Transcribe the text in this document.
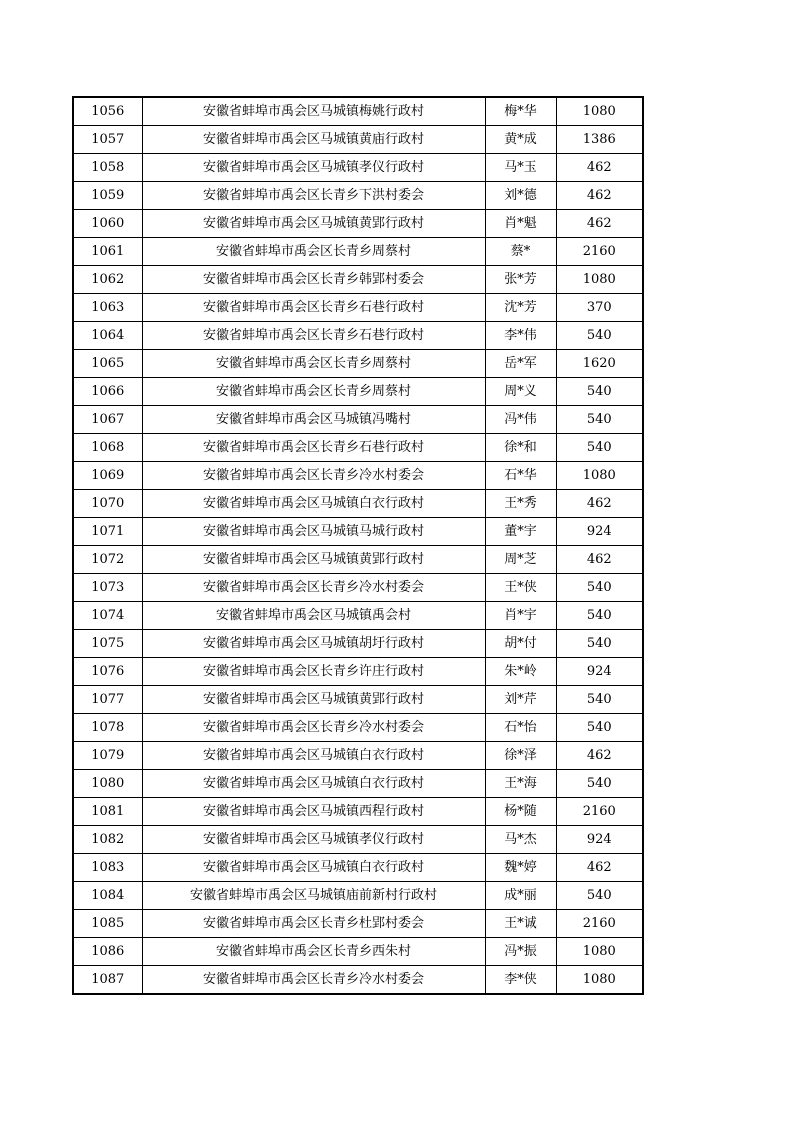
1056	安徽省蚌埠市禹会区马城镇梅姚行政村	梅*华	1080
1057	安徽省蚌埠市禹会区马城镇黄庙行政村	黄*成	1386
1058	安徽省蚌埠市禹会区马城镇孝仪行政村	马*玉	462
1059	安徽省蚌埠市禹会区长青乡下洪村委会	刘*德	462
1060	安徽省蚌埠市禹会区马城镇黄郢行政村	肖*魁	462
1061	安徽省蚌埠市禹会区长青乡周蔡村	蔡*	2160
1062	安徽省蚌埠市禹会区长青乡韩郢村委会	张*芳	1080
1063	安徽省蚌埠市禹会区长青乡石巷行政村	沈*芳	370
1064	安徽省蚌埠市禹会区长青乡石巷行政村	李*伟	540
1065	安徽省蚌埠市禹会区长青乡周蔡村	岳*军	1620
1066	安徽省蚌埠市禹会区长青乡周蔡村	周*义	540
1067	安徽省蚌埠市禹会区马城镇冯嘴村	冯*伟	540
1068	安徽省蚌埠市禹会区长青乡石巷行政村	徐*和	540
1069	安徽省蚌埠市禹会区长青乡冷水村委会	石*华	1080
1070	安徽省蚌埠市禹会区马城镇白衣行政村	王*秀	462
1071	安徽省蚌埠市禹会区马城镇马城行政村	董*宇	924
1072	安徽省蚌埠市禹会区马城镇黄郢行政村	周*芝	462
1073	安徽省蚌埠市禹会区长青乡冷水村委会	王*侠	540
1074	安徽省蚌埠市禹会区马城镇禹会村	肖*宇	540
1075	安徽省蚌埠市禹会区马城镇胡圩行政村	胡*付	540
1076	安徽省蚌埠市禹会区长青乡许庄行政村	朱*岭	924
1077	安徽省蚌埠市禹会区马城镇黄郢行政村	刘*芹	540
1078	安徽省蚌埠市禹会区长青乡冷水村委会	石*怡	540
1079	安徽省蚌埠市禹会区马城镇白衣行政村	徐*泽	462
1080	安徽省蚌埠市禹会区马城镇白衣行政村	王*海	540
1081	安徽省蚌埠市禹会区马城镇西程行政村	杨*随	2160
1082	安徽省蚌埠市禹会区马城镇孝仪行政村	马*杰	924
1083	安徽省蚌埠市禹会区马城镇白衣行政村	魏*婷	462
1084	安徽省蚌埠市禹会区马城镇庙前新村行政村	成*丽	540
1085	安徽省蚌埠市禹会区长青乡杜郢村委会	王*诚	2160
1086	安徽省蚌埠市禹会区长青乡西朱村	冯*振	1080
1087	安徽省蚌埠市禹会区长青乡冷水村委会	李*侠	1080
